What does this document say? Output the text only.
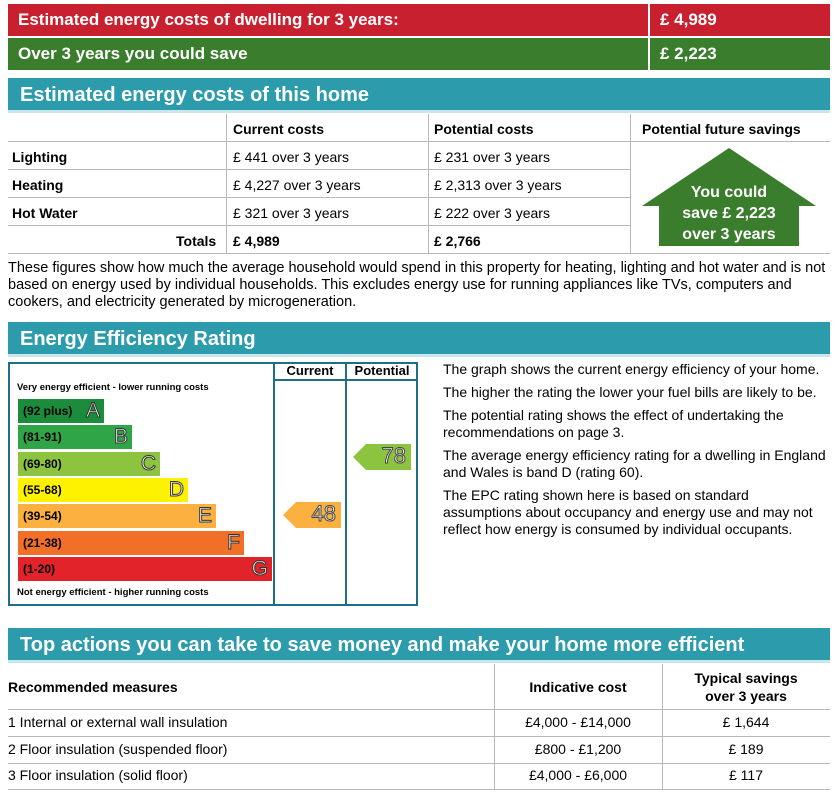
Estimated energy costs of dwelling for 3 years:	£ 4,989
Over 3 years you could save	£ 2,223
Estimated energy costs of this home
Current costs	Potential costs	Potential future savings
Lighting	£ 441 over 3 years	£ 231 over 3 years
Heating	£ 4,227 over 3 years	£ 2,313 over 3 years
Hot Water	£ 321 over 3 years	£ 222 over 3 years
Totals £ 4,989	£ 2,766
You could
save £ 2,223
over 3 years
These figures show how much the average household would spend in this property for heating, lighting and hot water and is not based on energy used by individual households. This excludes energy use for running appliances like TVs, computers and cookers, and electricity generated by microgeneration.
Energy Efficiency Rating
Current	Potential
Very energy efficient - lower running costs
(92 plus) A
(81-91) B
(69-80)	C
(55-68)	D
(39-54)	E
(21-38)	F
(1-20)	G
Not energy efficient - higher running costs
48
78

The graph shows the current energy efficiency of your home.

The higher the rating the lower your fuel bills are likely to be.

The potential rating shows the effect of undertaking the recommendations on page 3.

The average energy efficiency rating for a dwelling in England and Wales is band D (rating 60).

The EPC rating shown here is based on standard assumptions about occupancy and energy use and may not reflect how energy is consumed by individual occupants.

Top actions you can take to save money and make your home more efficient
Recommended measures	Indicative cost
Typical savings
over 3 years
1 Internal or external wall insulation	£4,000 - £14,000	£ 1,644
2 Floor insulation (suspended floor)	£800 - £1,200	£ 189
3 Floor insulation (solid floor)	£4,000 - £6,000	£ 117
